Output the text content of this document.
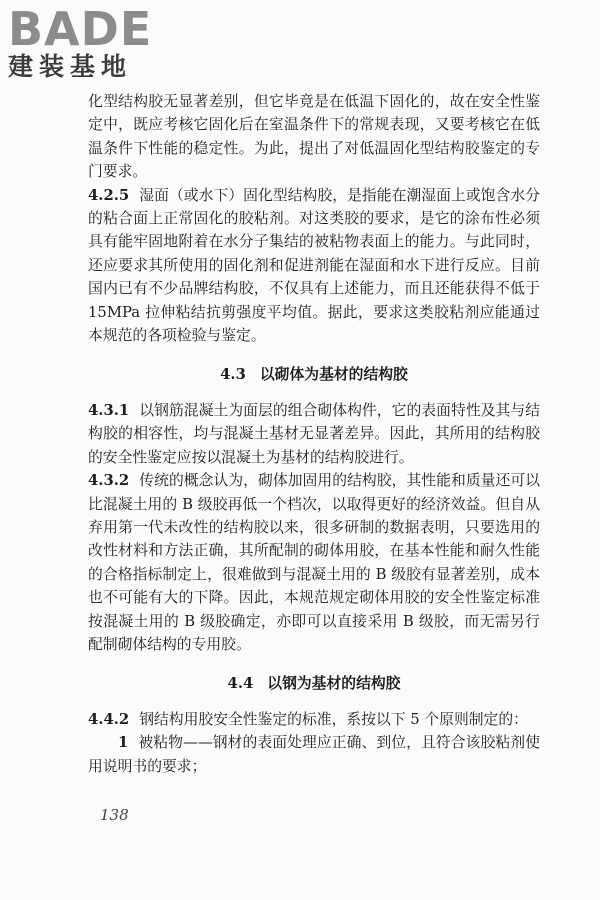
BADE
建装基地

化型结构胶无显著差别，但它毕竟是在低温下固化的，故在安全性鉴定中，既应考核它固化后在室温条件下的常规表现，又要考核它在低温条件下性能的稳定性。为此，提出了对低温固化型结构胶鉴定的专门要求。

4.2.5 湿面（或水下）固化型结构胶，是指能在潮湿面上或饱含水分的粘合面上正常固化的胶粘剂。对这类胶的要求，是它的涂布性必须具有能牢固地附着在水分子集结的被粘物表面上的能力。与此同时，还应要求其所使用的固化剂和促进剂能在湿面和水下进行反应。目前国内已有不少品牌结构胶，不仅具有上述能力，而且还能获得不低于 15MPa 拉伸粘结抗剪强度平均值。据此，要求这类胶粘剂应能通过本规范的各项检验与鉴定。

4.3 以砌体为基材的结构胶

4.3.1 以钢筋混凝土为面层的组合砌体构件，它的表面特性及其与结构胶的相容性，均与混凝土基材无显著差异。因此，其所用的结构胶的安全性鉴定应按以混凝土为基材的结构胶进行。

4.3.2 传统的概念认为，砌体加固用的结构胶，其性能和质量还可以比混凝土用的 B 级胶再低一个档次，以取得更好的经济效益。但自从弃用第一代未改性的结构胶以来，很多研制的数据表明，只要选用的改性材料和方法正确，其所配制的砌体用胶，在基本性能和耐久性能的合格指标制定上，很难做到与混凝土用的 B 级胶有显著差别，成本也不可能有大的下降。因此，本规范规定砌体用胶的安全性鉴定标准按混凝土用的 B 级胶确定，亦即可以直接采用 B 级胶，而无需另行配制砌体结构的专用胶。

4.4 以钢为基材的结构胶

4.4.2 钢结构用胶安全性鉴定的标准，系按以下 5 个原则制定的：

1 被粘物——钢材的表面处理应正确、到位，且符合该胶粘剂使用说明书的要求；

138
